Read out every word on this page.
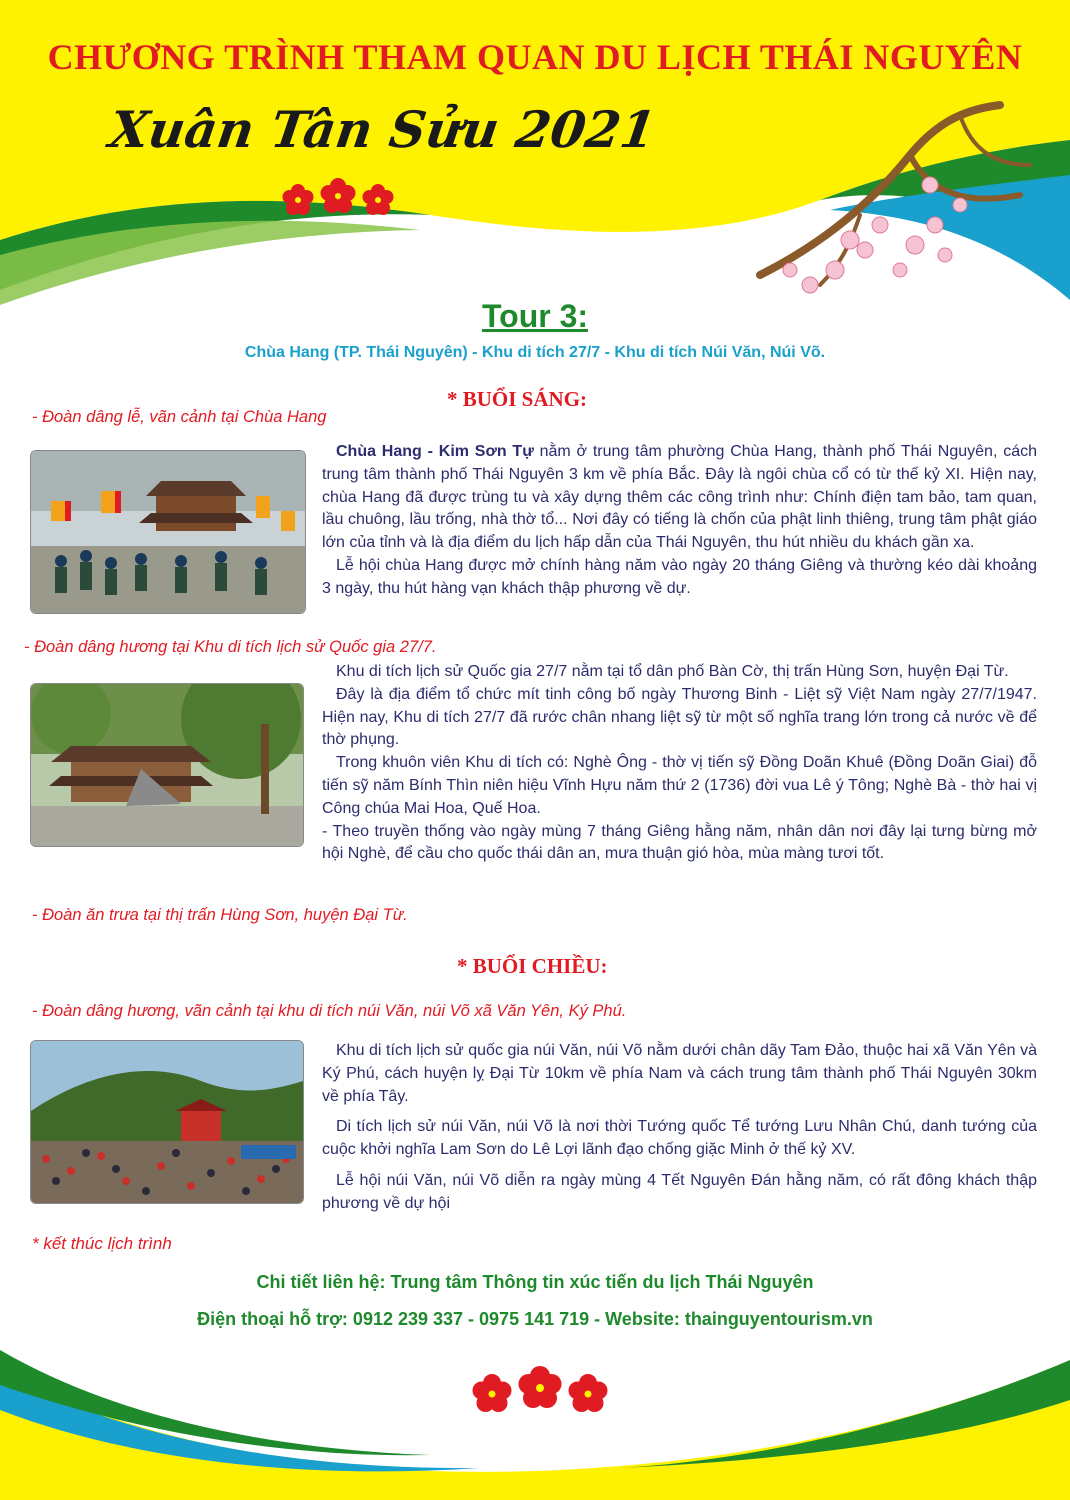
CHƯƠNG TRÌNH THAM QUAN DU LỊCH THÁI NGUYÊN
Xuân Tân Sửu 2021
Tour 3:
Chùa Hang (TP. Thái Nguyên) - Khu di tích 27/7 - Khu di tích Núi Văn, Núi Võ.
* BUỔI SÁNG:
- Đoàn dâng lễ, vãn cảnh tại Chùa Hang

Chùa Hang - Kim Sơn Tự nằm ở trung tâm phường Chùa Hang, thành phố Thái Nguyên, cách trung tâm thành phố Thái Nguyên 3 km về phía Bắc. Đây là ngôi chùa cổ có từ thế kỷ XI. Hiện nay, chùa Hang đã được trùng tu và xây dựng thêm các công trình như: Chính điện tam bảo, tam quan, lầu chuông, lầu trống, nhà thờ tổ... Nơi đây có tiếng là chốn của phật linh thiêng, trung tâm phật giáo lớn của tỉnh và là địa điểm du lịch hấp dẫn của Thái Nguyên, thu hút nhiều du khách gần xa.

Lễ hội chùa Hang được mở chính hàng năm vào ngày 20 tháng Giêng và thường kéo dài khoảng 3 ngày, thu hút hàng vạn khách thập phương về dự.

- Đoàn dâng hương tại Khu di tích lịch sử Quốc gia 27/7.

Khu di tích lịch sử Quốc gia 27/7 nằm tại tổ dân phố Bàn Cờ, thị trấn Hùng Sơn, huyện Đại Từ.

Đây là địa điểm tổ chức mít tinh công bố ngày Thương Binh - Liệt sỹ Việt Nam ngày 27/7/1947. Hiện nay, Khu di tích 27/7 đã rước chân nhang liệt sỹ từ một số nghĩa trang lớn trong cả nước về để thờ phụng.

Trong khuôn viên Khu di tích có: Nghè Ông - thờ vị tiến sỹ Đồng Doãn Khuê (Đồng Doãn Giai) đỗ tiến sỹ năm Bính Thìn niên hiệu Vĩnh Hựu năm thứ 2 (1736) đời vua Lê ý Tông; Nghè Bà - thờ hai vị Công chúa Mai Hoa, Quế Hoa.

- Theo truyền thống vào ngày mùng 7 tháng Giêng hằng năm, nhân dân nơi đây lại tưng bừng mở hội Nghè, để cầu cho quốc thái dân an, mưa thuận gió hòa, mùa màng tươi tốt.

- Đoàn ăn trưa tại thị trấn Hùng Sơn, huyện Đại Từ.
* BUỔI CHIỀU:
- Đoàn dâng hương, vãn cảnh tại khu di tích núi Văn, núi Võ xã Văn Yên, Ký Phú.

Khu di tích lịch sử quốc gia núi Văn, núi Võ nằm dưới chân dãy Tam Đảo, thuộc hai xã Văn Yên và Ký Phú, cách huyện lỵ Đại Từ 10km về phía Nam và cách trung tâm thành phố Thái Nguyên 30km về phía Tây.

Di tích lịch sử núi Văn, núi Võ là nơi thời Tướng quốc Tể tướng Lưu Nhân Chú, danh tướng của cuộc khởi nghĩa Lam Sơn do Lê Lợi lãnh đạo chống giặc Minh ở thế kỷ XV.

Lễ hội núi Văn, núi Võ diễn ra ngày mùng 4 Tết Nguyên Đán hằng năm, có rất đông khách thập phương về dự hội

* kết thúc lịch trình
Chi tiết liên hệ: Trung tâm Thông tin xúc tiến du lịch Thái Nguyên
Điện thoại hỗ trợ: 0912 239 337 - 0975 141 719 - Website: thainguyentourism.vn
